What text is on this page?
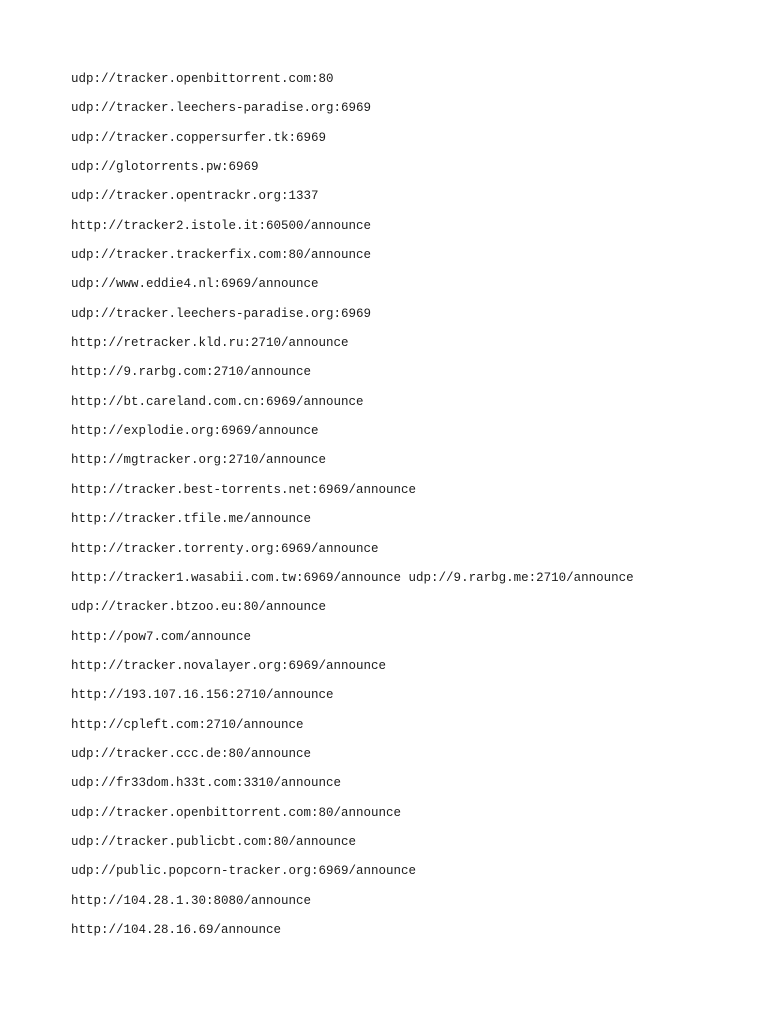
udp://tracker.openbittorrent.com:80
udp://tracker.leechers-paradise.org:6969
udp://tracker.coppersurfer.tk:6969
udp://glotorrents.pw:6969
udp://tracker.opentrackr.org:1337
http://tracker2.istole.it:60500/announce
udp://tracker.trackerfix.com:80/announce
udp://www.eddie4.nl:6969/announce
udp://tracker.leechers-paradise.org:6969
http://retracker.kld.ru:2710/announce
http://9.rarbg.com:2710/announce
http://bt.careland.com.cn:6969/announce
http://explodie.org:6969/announce
http://mgtracker.org:2710/announce
http://tracker.best-torrents.net:6969/announce
http://tracker.tfile.me/announce
http://tracker.torrenty.org:6969/announce
http://tracker1.wasabii.com.tw:6969/announce udp://9.rarbg.me:2710/announce
udp://tracker.btzoo.eu:80/announce
http://pow7.com/announce
http://tracker.novalayer.org:6969/announce
http://193.107.16.156:2710/announce
http://cpleft.com:2710/announce
udp://tracker.ccc.de:80/announce
udp://fr33dom.h33t.com:3310/announce
udp://tracker.openbittorrent.com:80/announce
udp://tracker.publicbt.com:80/announce
udp://public.popcorn-tracker.org:6969/announce
http://104.28.1.30:8080/announce
http://104.28.16.69/announce
